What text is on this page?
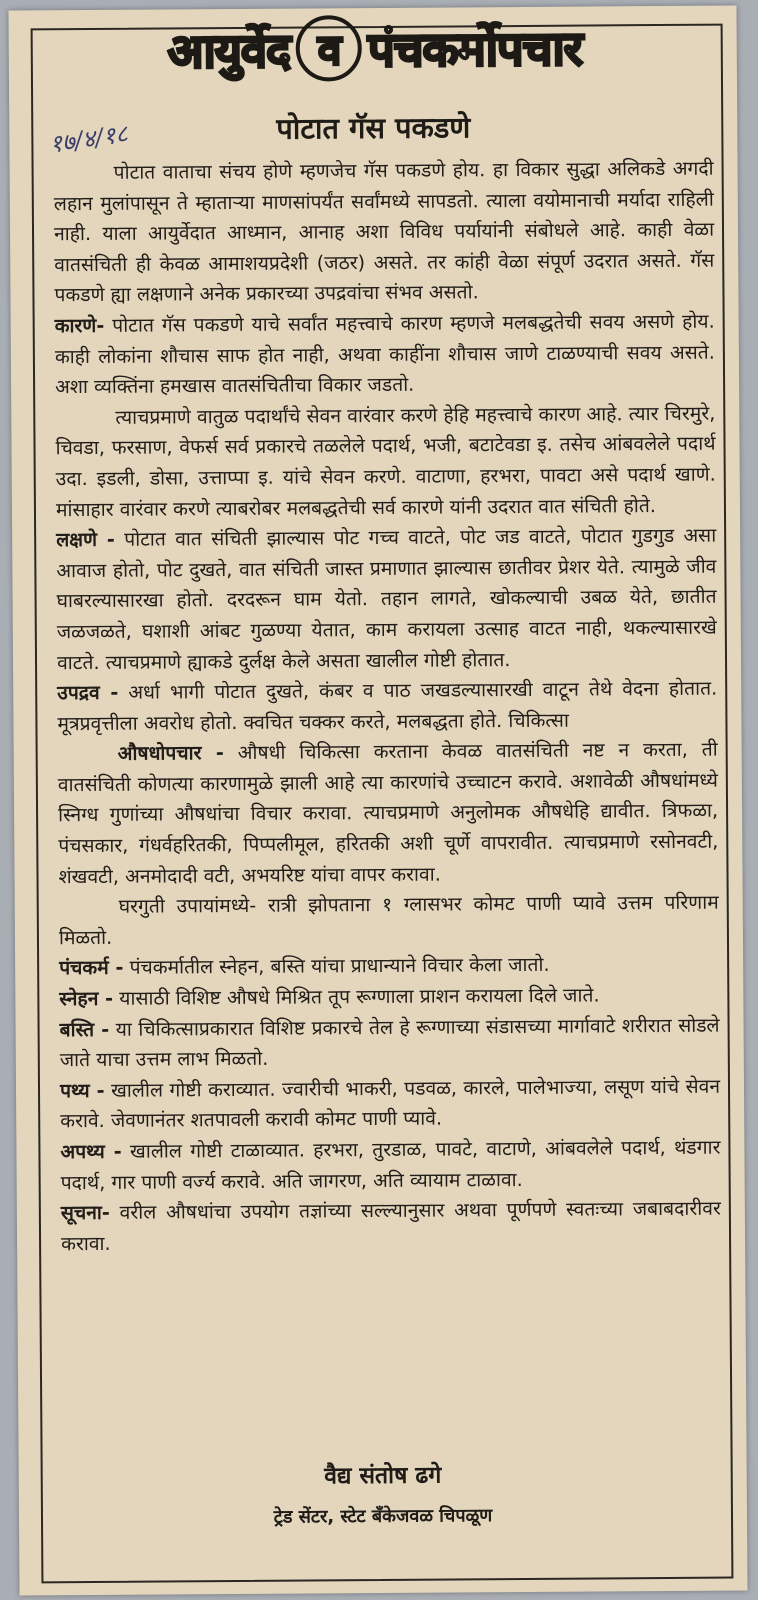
आयुर्वेद व पंचकर्मोपचार
१७/४/१८	पोटात गॅस पकडणे

पोटात वाताचा संचय होणे म्हणजेच गॅस पकडणे होय. हा विकार सुद्धा अलिकडे अगदी लहान मुलांपासून ते म्हाताऱ्या माणसांपर्यंत सर्वांमध्ये सापडतो. त्याला वयोमानाची मर्यादा राहिली नाही. याला आयुर्वेदात आध्मान, आनाह अशा विविध पर्यायांनी संबोधले आहे. काही वेळा वातसंचिती ही केवळ आमाशयप्रदेशी (जठर) असते. तर कांही वेळा संपूर्ण उदरात असते. गॅस पकडणे ह्या लक्षणाने अनेक प्रकारच्या उपद्रवांचा संभव असतो.

कारणे- पोटात गॅस पकडणे याचे सर्वांत महत्त्वाचे कारण म्हणजे मलबद्धतेची सवय असणे होय. काही लोकांना शौचास साफ होत नाही, अथवा काहींना शौचास जाणे टाळण्याची सवय असते. अशा व्यक्तिंना हमखास वातसंचितीचा विकार जडतो.

त्याचप्रमाणे वातुळ पदार्थांचे सेवन वारंवार करणे हेहि महत्त्वाचे कारण आहे. त्यार चिरमुरे, चिवडा, फरसाण, वेफर्स सर्व प्रकारचे तळलेले पदार्थ, भजी, बटाटेवडा इ. तसेच आंबवलेले पदार्थ उदा. इडली, डोसा, उत्ताप्पा इ. यांचे सेवन करणे. वाटाणा, हरभरा, पावटा असे पदार्थ खाणे. मांसाहार वारंवार करणे त्याबरोबर मलबद्धतेची सर्व कारणे यांनी उदरात वात संचिती होते.

लक्षणे - पोटात वात संचिती झाल्यास पोट गच्च वाटते, पोट जड वाटते, पोटात गुडगुड असा आवाज होतो, पोट दुखते, वात संचिती जास्त प्रमाणात झाल्यास छातीवर प्रेशर येते. त्यामुळे जीव घाबरल्यासारखा होतो. दरदरून घाम येतो. तहान लागते, खोकल्याची उबळ येते, छातीत जळजळते, घशाशी आंबट गुळण्या येतात, काम करायला उत्साह वाटत नाही, थकल्यासारखे वाटते. त्याचप्रमाणे ह्याकडे दुर्लक्ष केले असता खालील गोष्टी होतात.

उपद्रव - अर्धा भागी पोटात दुखते, कंबर व पाठ जखडल्यासारखी वाटून तेथे वेदना होतात. मूत्रप्रवृत्तीला अवरोध होतो. क्वचित चक्कर करते, मलबद्धता होते. चिकित्सा

औषधोपचार - औषधी चिकित्सा करताना केवळ वातसंचिती नष्ट न करता, ती वातसंचिती कोणत्या कारणामुळे झाली आहे त्या कारणांचे उच्चाटन करावे. अशावेळी औषधांमध्ये स्निग्ध गुणांच्या औषधांचा विचार करावा. त्याचप्रमाणे अनुलोमक औषधेहि द्यावीत. त्रिफळा, पंचसकार, गंधर्वहरितकी, पिप्पलीमूल, हरितकी अशी चूर्णे वापरावीत. त्याचप्रमाणे रसोनवटी, शंखवटी, अनमोदादी वटी, अभयरिष्ट यांचा वापर करावा.

घरगुती उपायांमध्ये- रात्री झोपताना १ ग्लासभर कोमट पाणी प्यावे उत्तम परिणाम मिळतो.

पंचकर्म - पंचकर्मातील स्नेहन, बस्ति यांचा प्राधान्याने विचार केला जातो.

स्नेहन - यासाठी विशिष्ट औषधे मिश्रित तूप रूग्णाला प्राशन करायला दिले जाते.

बस्ति - या चिकित्साप्रकारात विशिष्ट प्रकारचे तेल हे रूग्णाच्या संडासच्या मार्गावाटे शरीरात सोडले जाते याचा उत्तम लाभ मिळतो.

पथ्य - खालील गोष्टी कराव्यात. ज्वारीची भाकरी, पडवळ, कारले, पालेभाज्या, लसूण यांचे सेवन करावे. जेवणानंतर शतपावली करावी कोमट पाणी प्यावे.

अपथ्य - खालील गोष्टी टाळाव्यात. हरभरा, तुरडाळ, पावटे, वाटाणे, आंबवलेले पदार्थ, थंडगार पदार्थ, गार पाणी वर्ज्य करावे. अति जागरण, अति व्यायाम टाळावा.

सूचना- वरील औषधांचा उपयोग तज्ञांच्या सल्ल्यानुसार अथवा पूर्णपणे स्वतःच्या जबाबदारीवर करावा.

वैद्य संतोष ढगे
ट्रेड सेंटर, स्टेट बॅंकेजवळ चिपळूण
